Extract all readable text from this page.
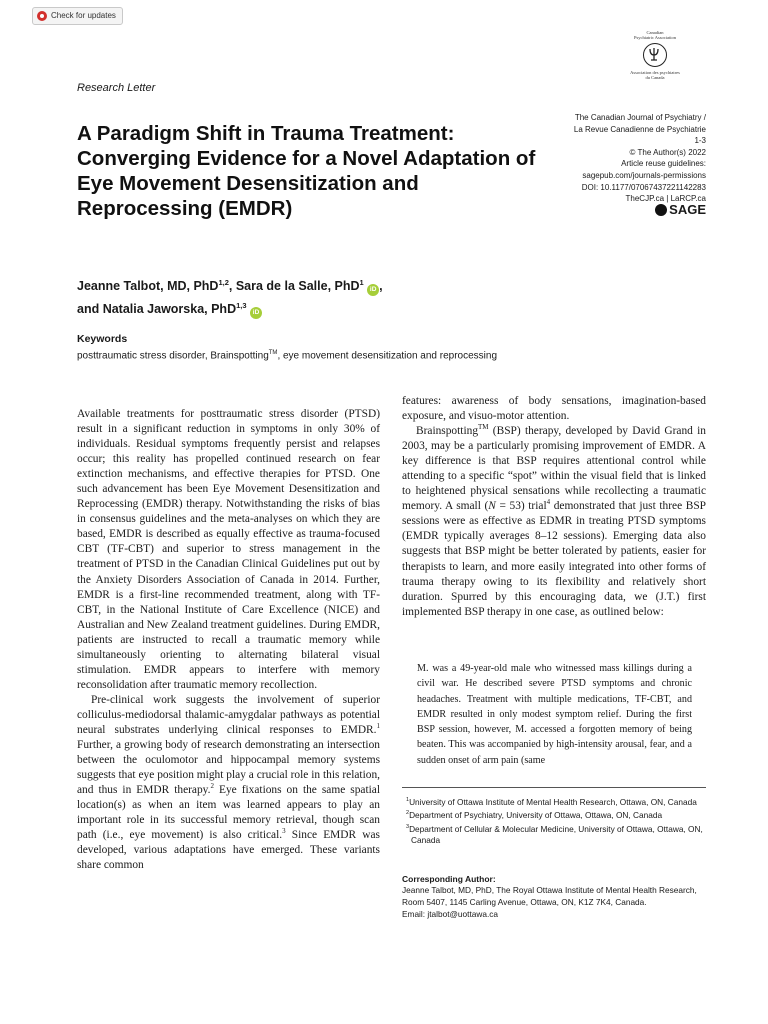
Check for updates
Canadian
Psychiatric Association
Association des psychiatres
du Canada
Research Letter
A Paradigm Shift in Trauma Treatment: Converging Evidence for a Novel Adaptation of Eye Movement Desensitization and Reprocessing (EMDR)
The Canadian Journal of Psychiatry /
La Revue Canadienne de Psychiatrie
1-3
© The Author(s) 2022
Article reuse guidelines:
sagepub.com/journals-permissions
DOI: 10.1177/07067437221142283
TheCJP.ca | LaRCP.ca
SAGE
Jeanne Talbot, MD, PhD$^{1,2}$, Sara de la Salle, PhD$^1$ iD ,
and Natalia Jaworska, PhD$^{1,3}$ iD
Keywords
posttraumatic stress disorder, Brainspotting™, eye movement desensitization and reprocessing

Available treatments for posttraumatic stress disorder (PTSD) result in a significant reduction in symptoms in only 30% of individuals. Residual symptoms frequently persist and relapses occur; this reality has propelled continued research on fear extinction mechanisms, and effective therapies for PTSD. One such advancement has been Eye Movement Desensitization and Reprocessing (EMDR) therapy. Notwithstanding the risks of bias in consensus guidelines and the meta-analyses on which they are based, EMDR is described as equally effective as trauma-focused CBT (TF-CBT) and superior to stress management in the treatment of PTSD in the Canadian Clinical Guidelines put out by the Anxiety Disorders Association of Canada in 2014. Further, EMDR is a first-line recommended treatment, along with TF-CBT, in the National Institute of Care Excellence (NICE) and Australian and New Zealand treatment guidelines. During EMDR, patients are instructed to recall a traumatic memory while simultaneously orienting to alternating bilateral visual stimulation. EMDR appears to interfere with memory reconsolidation after traumatic memory recollection.

Pre-clinical work suggests the involvement of superior colliculus-mediodorsal thalamic-amygdalar pathways as potential neural substrates underlying clinical responses to EMDR.$^1$ Further, a growing body of research demonstrating an intersection between the oculomotor and hippocampal memory systems suggests that eye position might play a crucial role in this relation, and thus in EMDR therapy.$^2$ Eye fixations on the same spatial location(s) as when an item was learned appears to play an important role in its successful memory retrieval, though scan path (i.e., eye movement) is also critical.$^3$ Since EMDR was developed, various adaptations have emerged. These variants share common

features: awareness of body sensations, imagination-based exposure, and visuo-motor attention.

Brainspotting™ (BSP) therapy, developed by David Grand in 2003, may be a particularly promising improvement of EMDR. A key difference is that BSP requires attentional control while attending to a specific “spot” within the visual field that is linked to heightened physical sensations while recollecting a traumatic memory. A small (N = 53) trial$^4$ demonstrated that just three BSP sessions were as effective as EDMR in treating PTSD symptoms (EMDR typically averages 8–12 sessions). Emerging data also suggests that BSP might be better tolerated by patients, easier for therapists to learn, and more easily integrated into other forms of trauma therapy owing to its flexibility and relatively short duration. Spurred by this encouraging data, we (J.T.) first implemented BSP therapy in one case, as outlined below:

M. was a 49-year-old male who witnessed mass killings during a civil war. He described severe PTSD symptoms and chronic headaches. Treatment with multiple medications, TF-CBT, and EMDR resulted in only modest symptom relief. During the first BSP session, however, M. accessed a forgotten memory of being beaten. This was accompanied by high-intensity arousal, fear, and a sudden onset of arm pain (same
$^1$University of Ottawa Institute of Mental Health Research, Ottawa, ON, Canada
$^2$Department of Psychiatry, University of Ottawa, Ottawa, ON, Canada
$^3$Department of Cellular & Molecular Medicine, University of Ottawa, Ottawa, ON, Canada
Corresponding Author:
Jeanne Talbot, MD, PhD, The Royal Ottawa Institute of Mental Health Research, Room 5407, 1145 Carling Avenue, Ottawa, ON, K1Z 7K4, Canada.
Email: jtalbot@uottawa.ca
